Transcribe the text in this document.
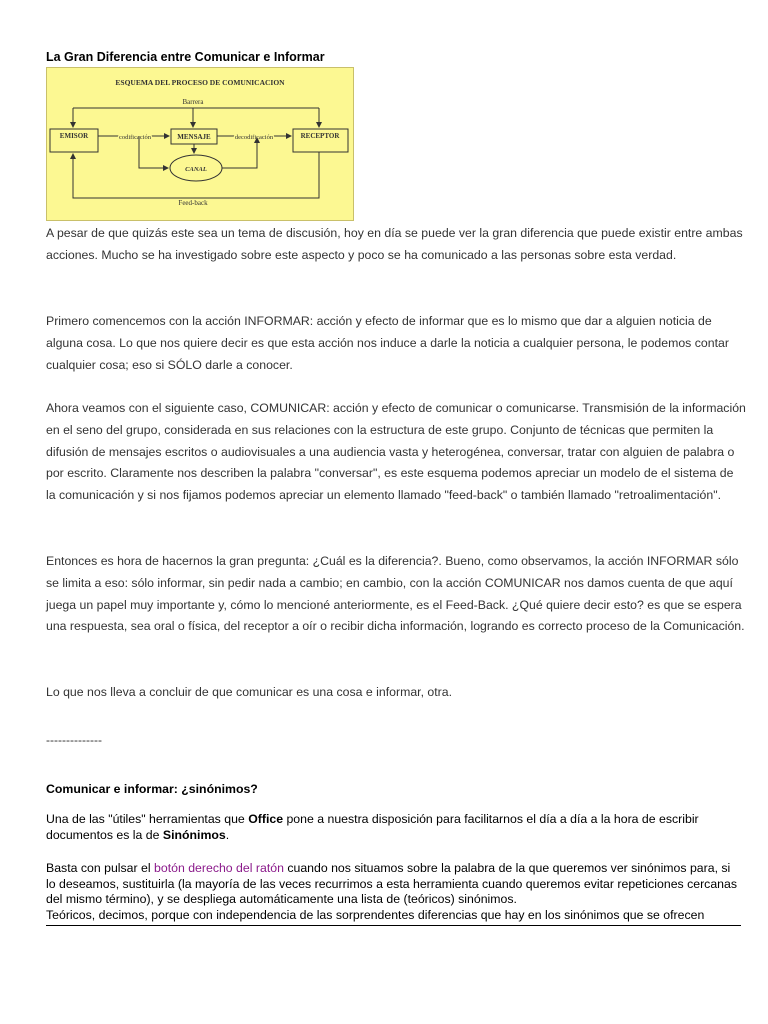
La Gran Diferencia entre Comunicar e Informar
ESQUEMA DEL PROCESO DE COMUNICACION
Barrera
EMISOR	MENSAJE	RECEPTOR
codificación	decodificación
CANAL
Feed-back

A pesar de que quizás este sea un tema de discusión, hoy en día se puede ver la gran diferencia que puede existir entre ambas acciones. Mucho se ha investigado sobre este aspecto y poco se ha comunicado a las personas sobre esta verdad.

Primero comencemos con la acción INFORMAR: acción y efecto de informar que es lo mismo que dar a alguien noticia de alguna cosa. Lo que nos quiere decir es que esta acción nos induce a darle la noticia a cualquier persona, le podemos contar cualquier cosa; eso si SÓLO darle a conocer.

Ahora veamos con el siguiente caso, COMUNICAR: acción y efecto de comunicar o comunicarse. Transmisión de la información en el seno del grupo, considerada en sus relaciones con la estructura de este grupo. Conjunto de técnicas que permiten la difusión de mensajes escritos o audiovisuales a una audiencia vasta y heterogénea, conversar, tratar con alguien de palabra o por escrito. Claramente nos describen la palabra "conversar", es este esquema podemos apreciar un modelo de el sistema de la comunicación y si nos fijamos podemos apreciar un elemento llamado "feed-back" o también llamado "retroalimentación".

Entonces es hora de hacernos la gran pregunta: ¿Cuál es la diferencia?. Bueno, como observamos, la acción INFORMAR sólo se limita a eso: sólo informar, sin pedir nada a cambio; en cambio, con la acción COMUNICAR nos damos cuenta de que aquí juega un papel muy importante y, cómo lo mencioné anteriormente, es el Feed-Back. ¿Qué quiere decir esto? es que se espera una respuesta, sea oral o física, del receptor a oír o recibir dicha información, logrando es correcto proceso de la Comunicación.

Lo que nos lleva a concluir de que comunicar es una cosa e informar, otra.

--------------

Comunicar e informar: ¿sinónimos?

Una de las "útiles" herramientas que Office pone a nuestra disposición para facilitarnos el día a día a la hora de escribir documentos es la de Sinónimos.

Basta con pulsar el botón derecho del ratón cuando nos situamos sobre la palabra de la que queremos ver sinónimos para, si lo deseamos, sustituirla (la mayoría de las veces recurrimos a esta herramienta cuando queremos evitar repeticiones cercanas del mismo término), y se despliega automáticamente una lista de (teóricos) sinónimos.
Teóricos, decimos, porque con independencia de las sorprendentes diferencias que hay en los sinónimos que se ofrecen
